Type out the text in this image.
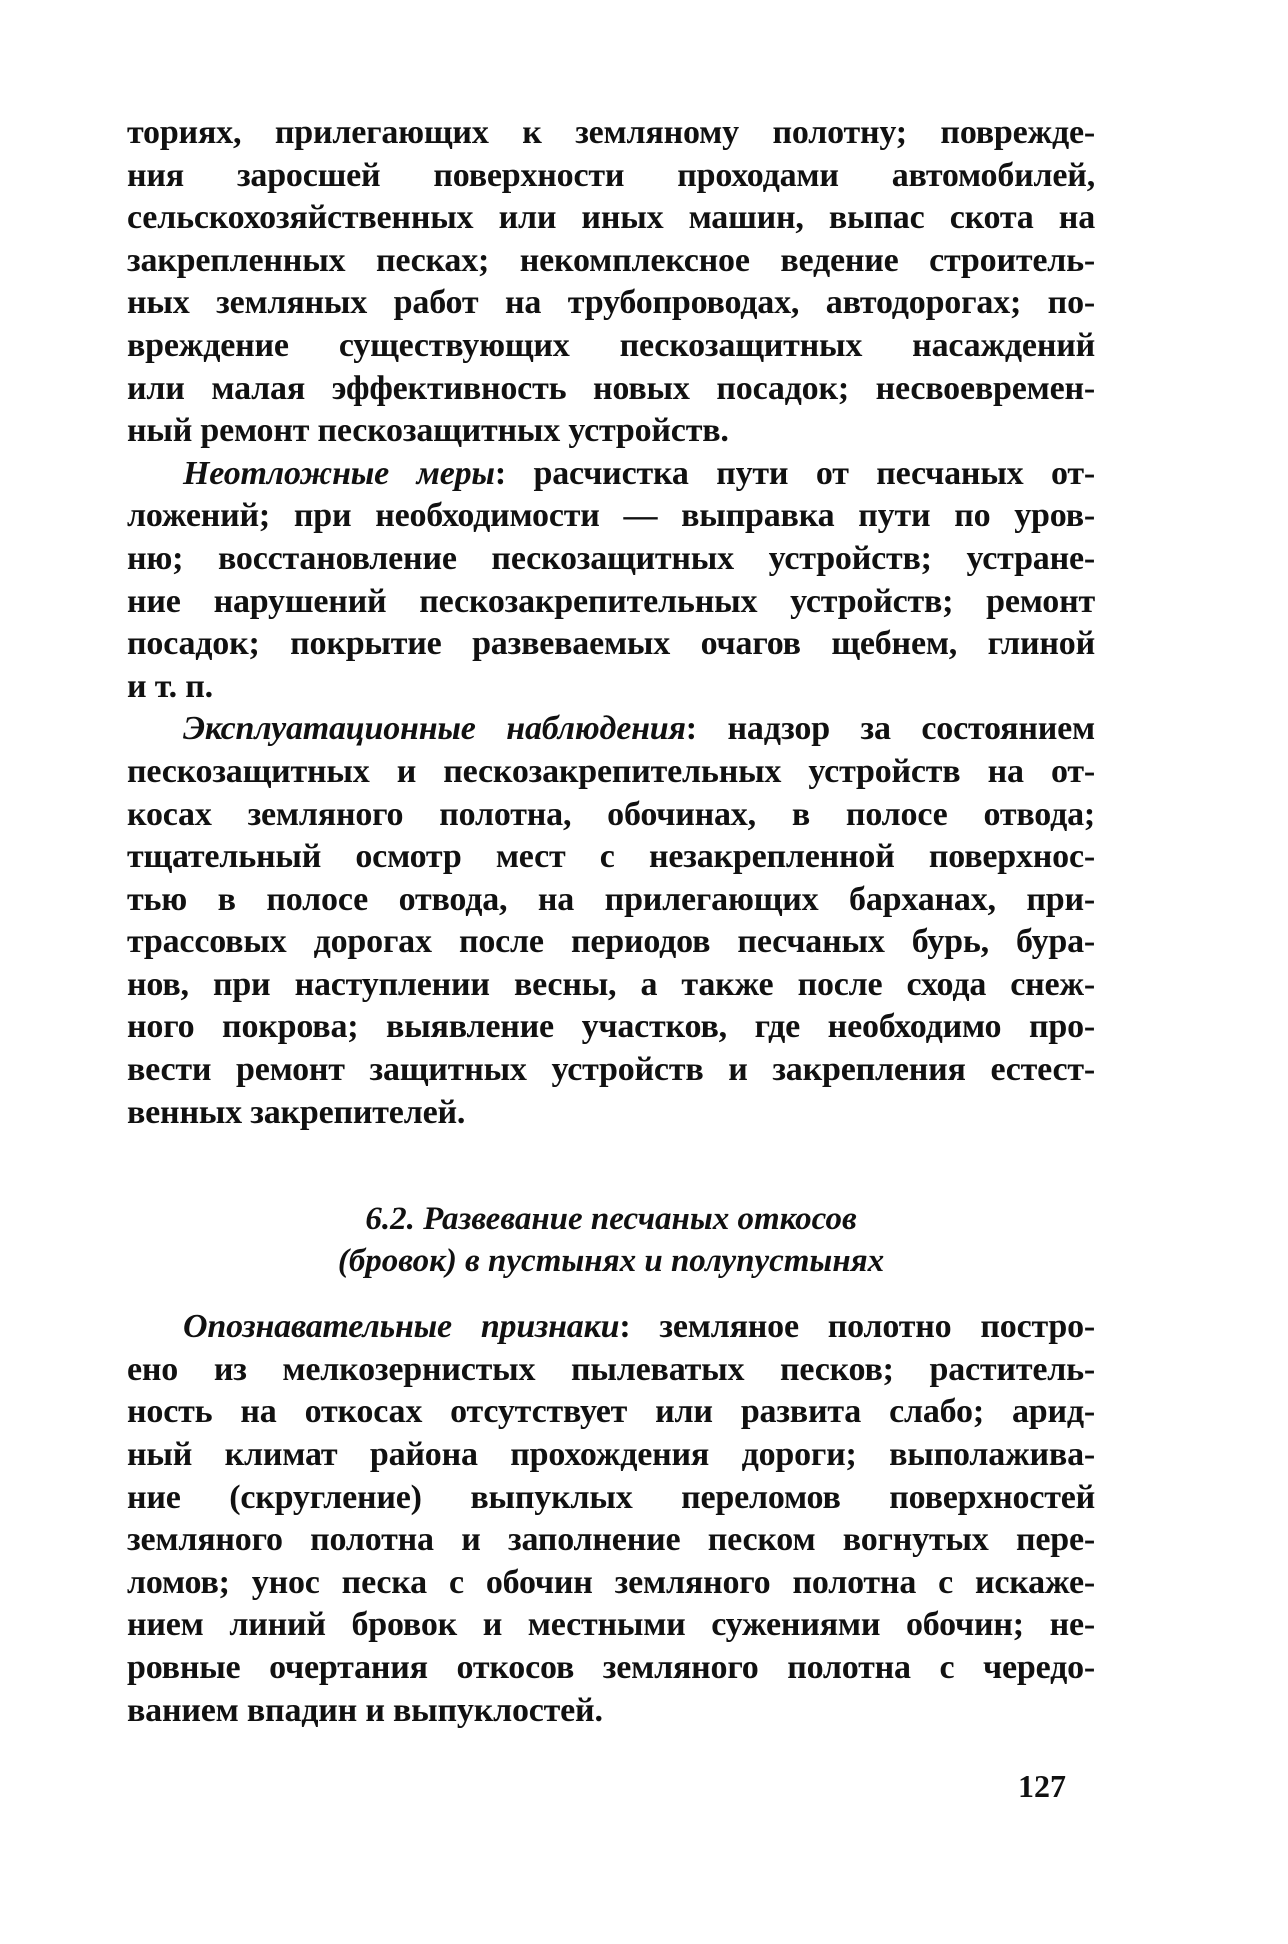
ториях, прилегающих к земляному полотну; поврежде-
ния заросшей поверхности проходами автомобилей,
сельскохозяйственных или иных машин, выпас скота на
закрепленных песках; некомплексное ведение строитель-
ных земляных работ на трубопроводах, автодорогах; по-
вреждение существующих пескозащитных насаждений
или малая эффективность новых посадок; несвоевремен-
ный ремонт пескозащитных устройств.
Неотложные меры: расчистка пути от песчаных от-
ложений; при необходимости — выправка пути по уров-
ню; восстановление пескозащитных устройств; устране-
ние нарушений пескозакрепительных устройств; ремонт
посадок; покрытие развеваемых очагов щебнем, глиной
и т. п.
Эксплуатационные наблюдения: надзор за состоянием
пескозащитных и пескозакрепительных устройств на от-
косах земляного полотна, обочинах, в полосе отвода;
тщательный осмотр мест с незакрепленной поверхнос-
тью в полосе отвода, на прилегающих барханах, при-
трассовых дорогах после периодов песчаных бурь, бура-
нов, при наступлении весны, а также после схода снеж-
ного покрова; выявление участков, где необходимо про-
вести ремонт защитных устройств и закрепления естест-
венных закрепителей.
6.2. Развевание песчаных откосов
(бровок) в пустынях и полупустынях
Опознавательные признаки: земляное полотно постро-
ено из мелкозернистых пылеватых песков; раститель-
ность на откосах отсутствует или развита слабо; арид-
ный климат района прохождения дороги; выполажива-
ние (скругление) выпуклых переломов поверхностей
земляного полотна и заполнение песком вогнутых пере-
ломов; унос песка с обочин земляного полотна с искаже-
нием линий бровок и местными сужениями обочин; не-
ровные очертания откосов земляного полотна с чередо-
ванием впадин и выпуклостей.
127
